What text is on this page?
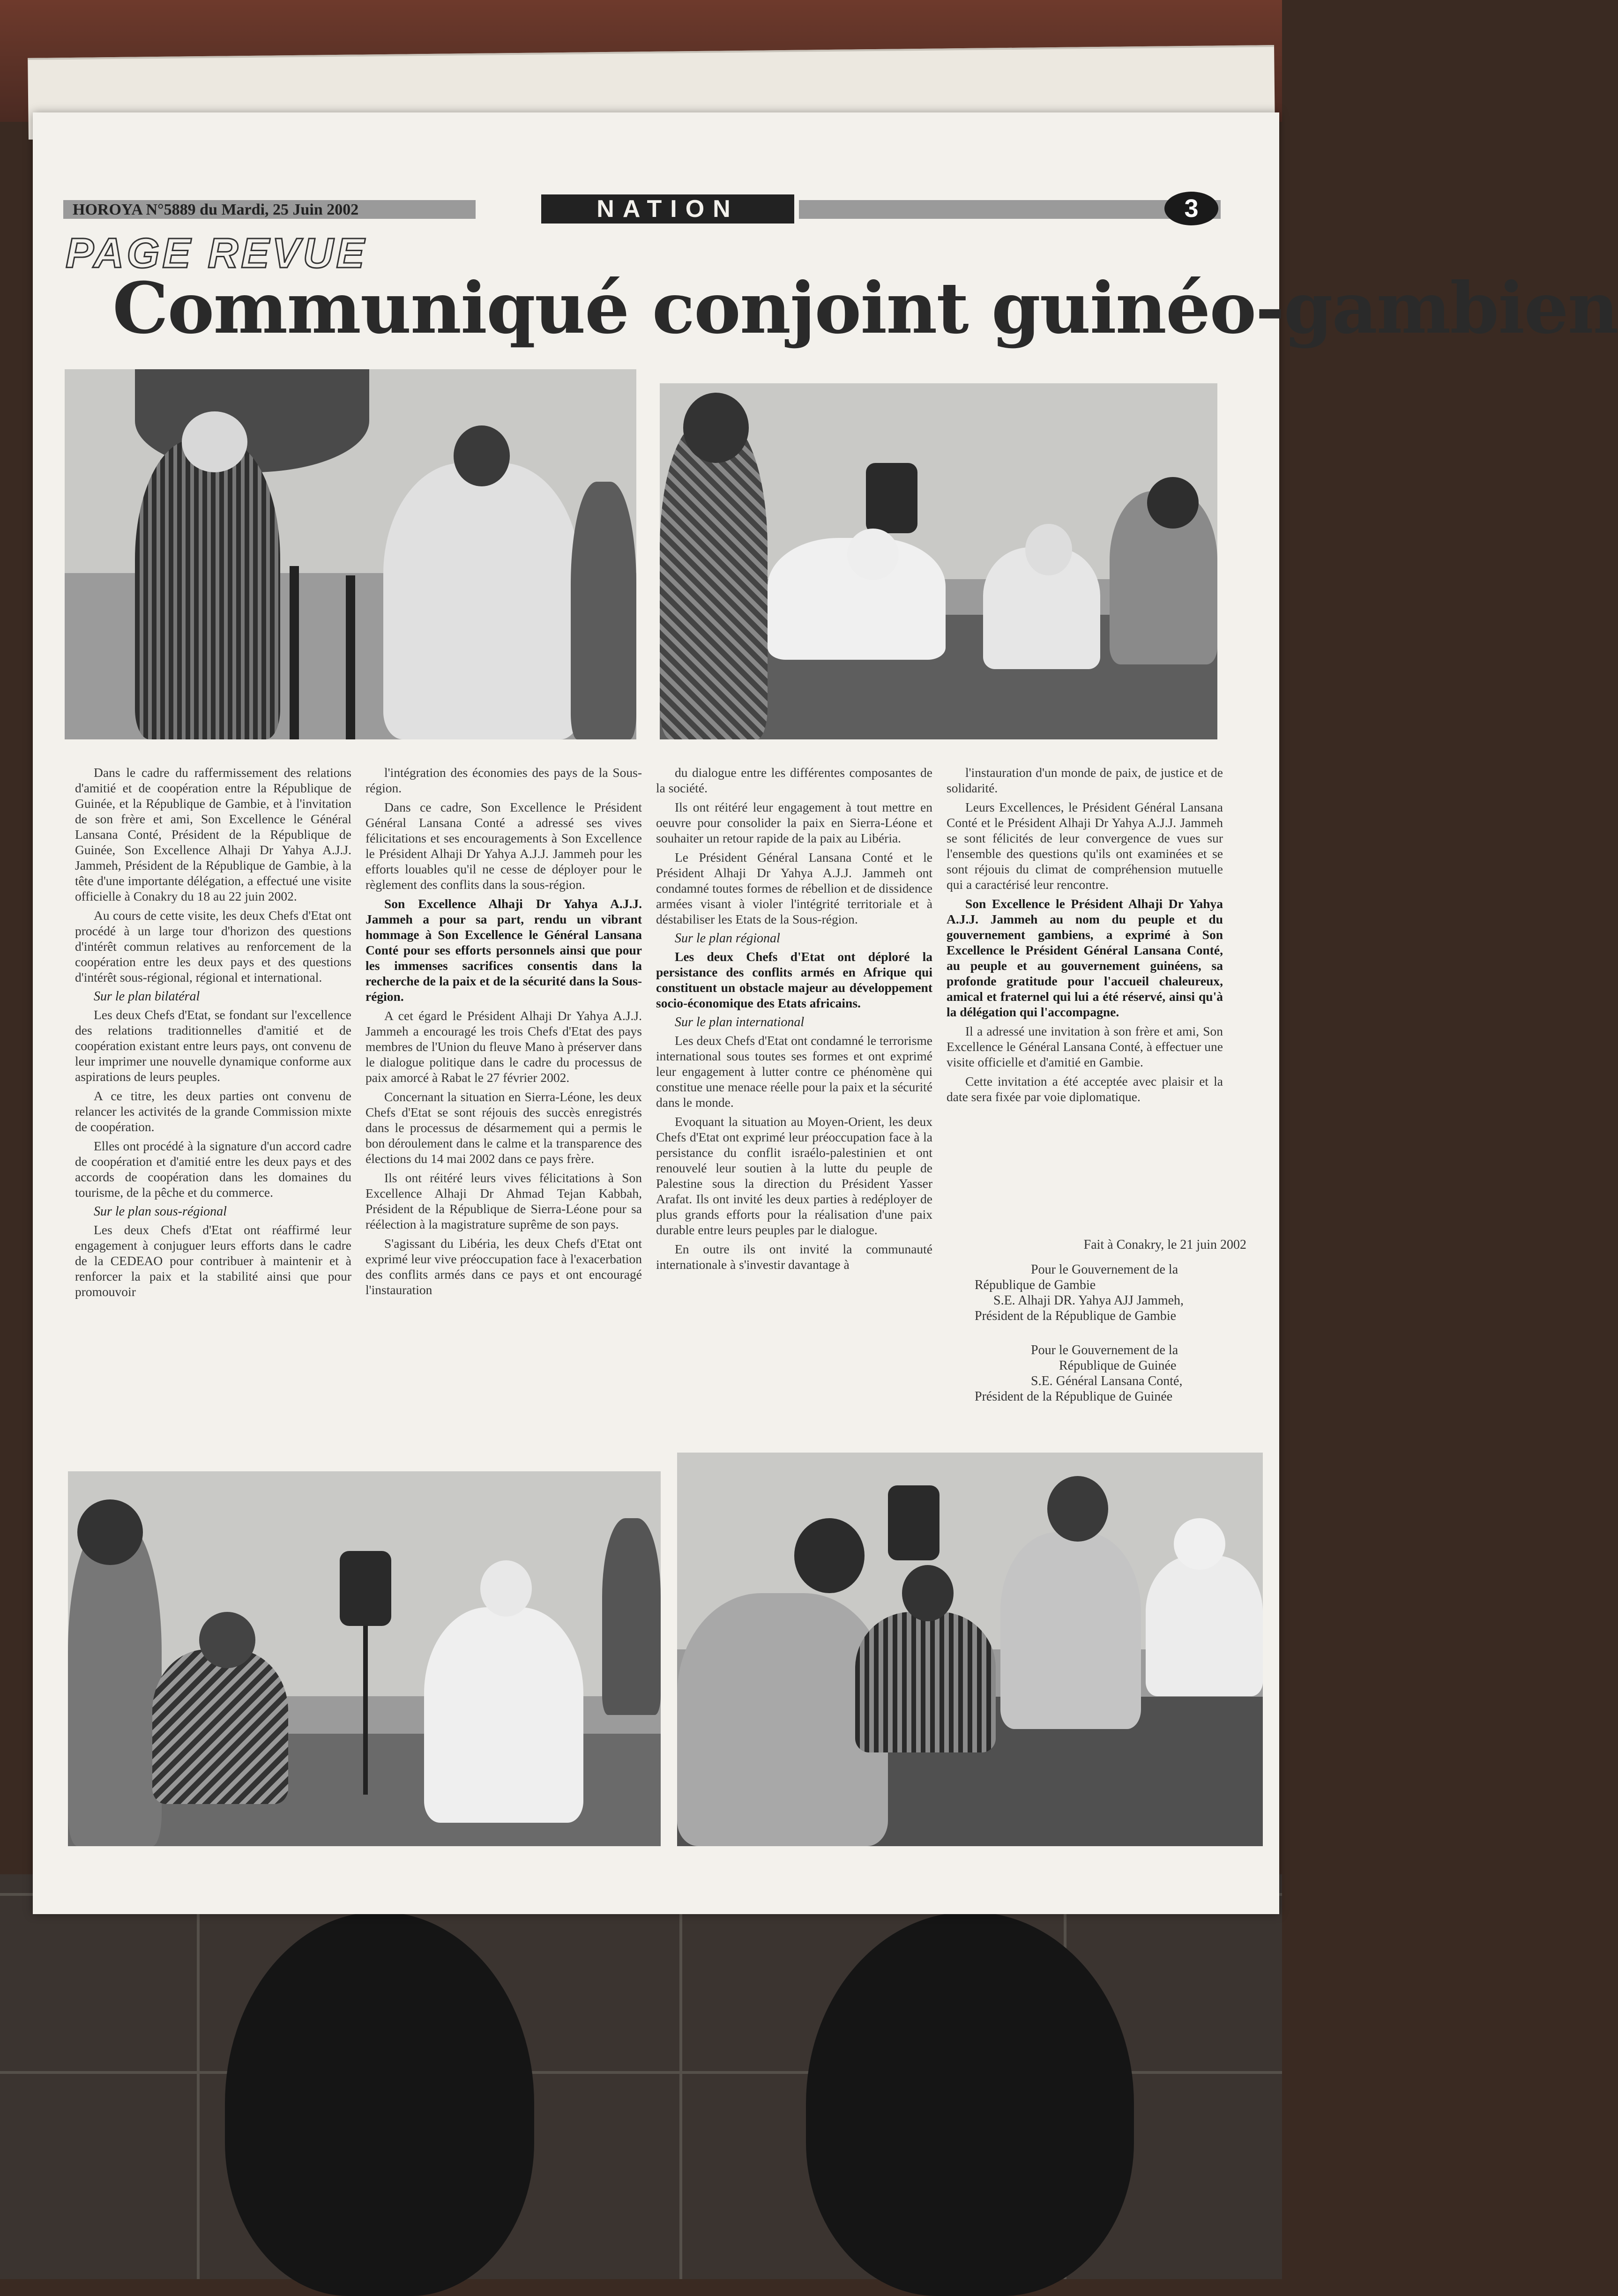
HOROYA N°5889 du Mardi, 25 Juin 2002	NATION	3
PAGE REVUE
Communiqué conjoint guinéo-gambien

Dans le cadre du raffermissement des relations d'amitié et de coopération entre la République de Guinée, et la République de Gambie, et à l'invitation de son frère et ami, Son Excellence le Général Lansana Conté, Président de la République de Guinée, Son Excellence Alhaji Dr Yahya A.J.J. Jammeh, Président de la République de Gambie, à la tête d'une importante délégation, a effectué une visite officielle à Conakry du 18 au 22 juin 2002.

Au cours de cette visite, les deux Chefs d'Etat ont procédé à un large tour d'horizon des questions d'intérêt commun relatives au renforcement de la coopération entre les deux pays et des questions d'intérêt sous-régional, régional et international.

Sur le plan bilatéral

Les deux Chefs d'Etat, se fondant sur l'excellence des relations traditionnelles d'amitié et de coopération existant entre leurs pays, ont convenu de leur imprimer une nouvelle dynamique conforme aux aspirations de leurs peuples.

A ce titre, les deux parties ont convenu de relancer les activités de la grande Commission mixte de coopération.

Elles ont procédé à la signature d'un accord cadre de coopération et d'amitié entre les deux pays et des accords de coopération dans les domaines du tourisme, de la pêche et du commerce.

Sur le plan sous-régional

Les deux Chefs d'Etat ont réaffirmé leur engagement à conjuguer leurs efforts dans le cadre de la CEDEAO pour contribuer à maintenir et à renforcer la paix et la stabilité ainsi que pour promouvoir

l'intégration des économies des pays de la Sous-région.

Dans ce cadre, Son Excellence le Président Général Lansana Conté a adressé ses vives félicitations et ses encouragements à Son Excellence le Président Alhaji Dr Yahya A.J.J. Jammeh pour les efforts louables qu'il ne cesse de déployer pour le règlement des conflits dans la sous-région.

Son Excellence Alhaji Dr Yahya A.J.J. Jammeh a pour sa part, rendu un vibrant hommage à Son Excellence le Général Lansana Conté pour ses efforts personnels ainsi que pour les immenses sacrifices consentis dans la recherche de la paix et de la sécurité dans la Sous-région.

A cet égard le Président Alhaji Dr Yahya A.J.J. Jammeh a encouragé les trois Chefs d'Etat des pays membres de l'Union du fleuve Mano à préserver dans le dialogue politique dans le cadre du processus de paix amorcé à Rabat le 27 février 2002.

Concernant la situation en Sierra-Léone, les deux Chefs d'Etat se sont réjouis des succès enregistrés dans le processus de désarmement qui a permis le bon déroulement dans le calme et la transparence des élections du 14 mai 2002 dans ce pays frère.

Ils ont réitéré leurs vives félicitations à Son Excellence Alhaji Dr Ahmad Tejan Kabbah, Président de la République de Sierra-Léone pour sa réélection à la magistrature suprême de son pays.

S'agissant du Libéria, les deux Chefs d'Etat ont exprimé leur vive préoccupation face à l'exacerbation des conflits armés dans ce pays et ont encouragé l'instauration

du dialogue entre les différentes composantes de la société.

Ils ont réitéré leur engagement à tout mettre en oeuvre pour consolider la paix en Sierra-Léone et souhaiter un retour rapide de la paix au Libéria.

Le Président Général Lansana Conté et le Président Alhaji Dr Yahya A.J.J. Jammeh ont condamné toutes formes de rébellion et de dissidence armées visant à violer l'intégrité territoriale et à déstabiliser les Etats de la Sous-région.

Sur le plan régional

Les deux Chefs d'Etat ont déploré la persistance des conflits armés en Afrique qui constituent un obstacle majeur au développement socio-économique des Etats africains.

Sur le plan international

Les deux Chefs d'Etat ont condamné le terrorisme international sous toutes ses formes et ont exprimé leur engagement à lutter contre ce phénomène qui constitue une menace réelle pour la paix et la sécurité dans le monde.

Evoquant la situation au Moyen-Orient, les deux Chefs d'Etat ont exprimé leur préoccupation face à la persistance du conflit israélo-palestinien et ont renouvelé leur soutien à la lutte du peuple de Palestine sous la direction du Président Yasser Arafat. Ils ont invité les deux parties à redéployer de plus grands efforts pour la réalisation d'une paix durable entre leurs peuples par le dialogue.

En outre ils ont invité la communauté internationale à s'investir davantage à

l'instauration d'un monde de paix, de justice et de solidarité.

Leurs Excellences, le Président Général Lansana Conté et le Président Alhaji Dr Yahya A.J.J. Jammeh se sont félicités de leur convergence de vues sur l'ensemble des questions qu'ils ont examinées et se sont réjouis du climat de compréhension mutuelle qui a caractérisé leur rencontre.

Son Excellence le Président Alhaji Dr Yahya A.J.J. Jammeh au nom du peuple et du gouvernement gambiens, a exprimé à Son Excellence le Président Général Lansana Conté, au peuple et au gouvernement guinéens, sa profonde gratitude pour l'accueil chaleureux, amical et fraternel qui lui a été réservé, ainsi qu'à la délégation qui l'accompagne.

Il a adressé une invitation à son frère et ami, Son Excellence le Général Lansana Conté, à effectuer une visite officielle et d'amitié en Gambie.

Cette invitation a été acceptée avec plaisir et la date sera fixée par voie diplomatique.

Fait à Conakry, le 21 juin 2002
Pour le Gouvernement de la
République de Gambie
S.E. Alhaji DR. Yahya AJJ Jammeh,
Président de la République de Gambie
Pour le Gouvernement de la
République de Guinée
S.E. Général Lansana Conté,
Président de la République de Guinée
